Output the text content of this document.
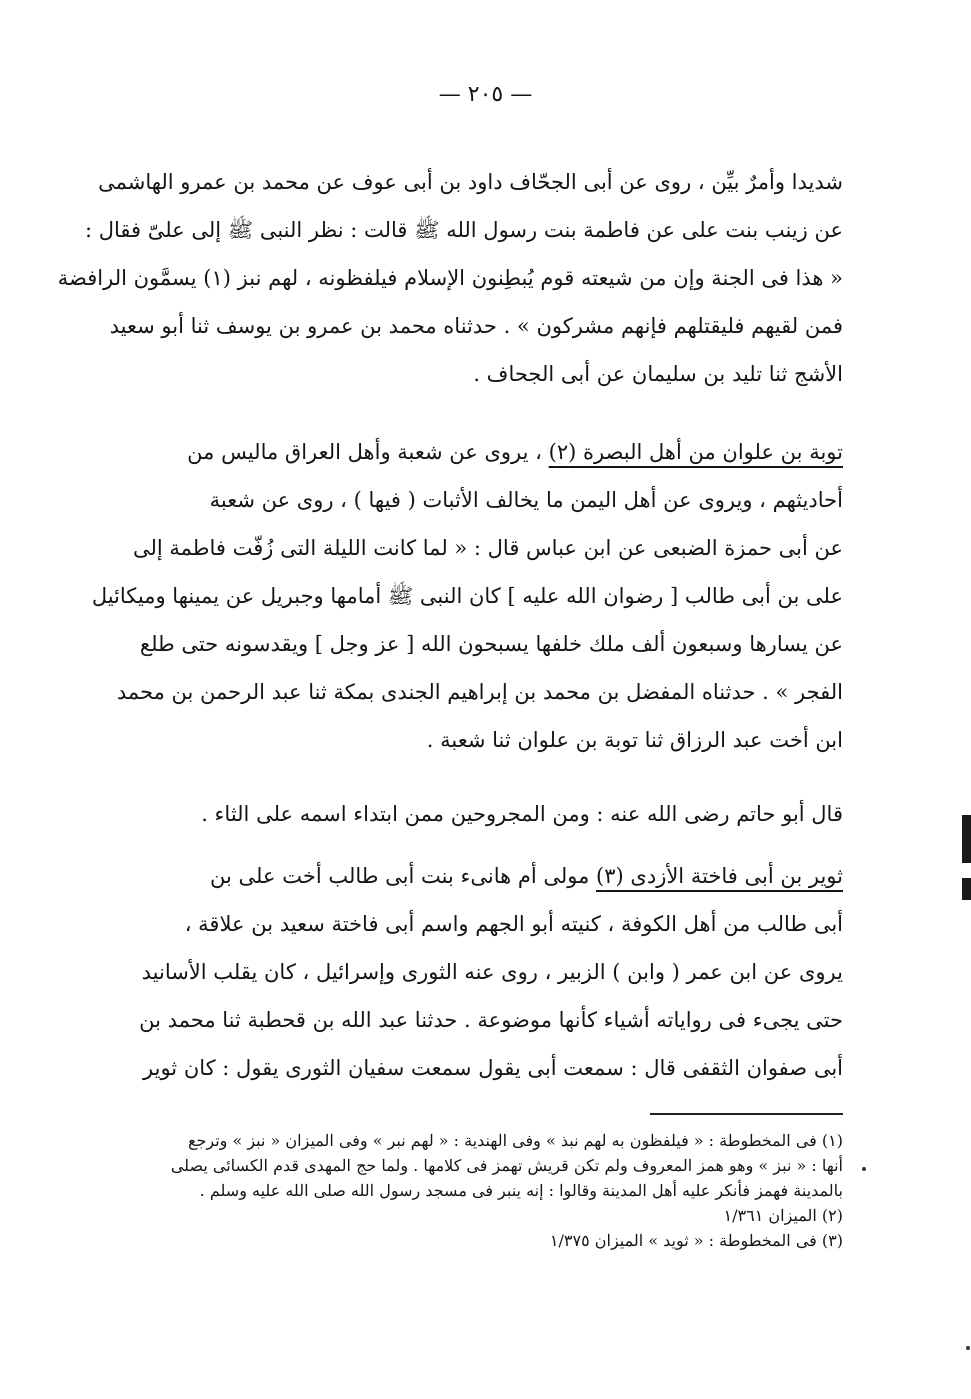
— ٢٠٥ —
شديدا وأمرٌ بيِّن ، روى عن أبى الجحّاف داود بن أبى عوف عن محمد بن عمرو الهاشمى
عن زينب بنت على عن فاطمة بنت رسول الله ﷺ قالت : نظر النبى ﷺ إلى علىّ فقال :
« هذا فى الجنة وإن من شيعته قوم يُبطِنون الإسلام فيلفظونه ، لهم نبز (١) يسمَّون الرافضة
فمن لقيهم فليقتلهم فإنهم مشركون » . حدثناه محمد بن عمرو بن يوسف ثنا أبو سعيد
الأشج ثنا تليد بن سليمان عن أبى الجحاف .
توبة بن علوان من أهل البصرة (٢) ، يروى عن شعبة وأهل العراق ماليس من
أحاديثهم ، ويروى عن أهل اليمن ما يخالف الأثبات ( فيها ) ، روى عن شعبة
عن أبى حمزة الضبعى عن ابن عباس قال : « لما كانت الليلة التى زُفّت فاطمة إلى
على بن أبى طالب [ رضوان الله عليه ] كان النبى ﷺ أمامها وجبريل عن يمينها وميكائيل
عن يسارها وسبعون ألف ملك خلفها يسبحون الله [ عز وجل ] ويقدسونه حتى طلع
الفجر » . حدثناه المفضل بن محمد بن إبراهيم الجندى بمكة ثنا عبد الرحمن بن محمد
ابن أخت عبد الرزاق ثنا توبة بن علوان ثنا شعبة .
قال أبو حاتم رضى الله عنه : ومن المجروحين ممن ابتداء اسمه على الثاء .
ثوير بن أبى فاختة الأزدى (٣) مولى أم هانىء بنت أبى طالب أخت على بن
أبى طالب من أهل الكوفة ، كنيته أبو الجهم واسم أبى فاختة سعيد بن علاقة ،
يروى عن ابن عمر ( وابن ) الزبير ، روى عنه الثورى وإسرائيل ، كان يقلب الأسانيد
حتى يجىء فى رواياته أشياء كأنها موضوعة . حدثنا عبد الله بن قحطبة ثنا محمد بن
أبى صفوان الثقفى قال : سمعت أبى يقول سمعت سفيان الثورى يقول : كان ثوير
(١) فى المخطوطة : « فيلفظون به لهم نبذ » وفى الهندية : « لهم نبر » وفى الميزان « نبز » وترجع
أنها : « نبز » وهو همز المعروف ولم تكن قريش تهمز فى كلامها . ولما حج المهدى قدم الكسائى يصلى
بالمدينة فهمز فأنكر عليه أهل المدينة وقالوا : إنه ينبر فى مسجد رسول الله صلى الله عليه وسلم .
(٢) الميزان ١/٣٦١
(٣) فى المخطوطة : « ثويد » الميزان ١/٣٧٥
